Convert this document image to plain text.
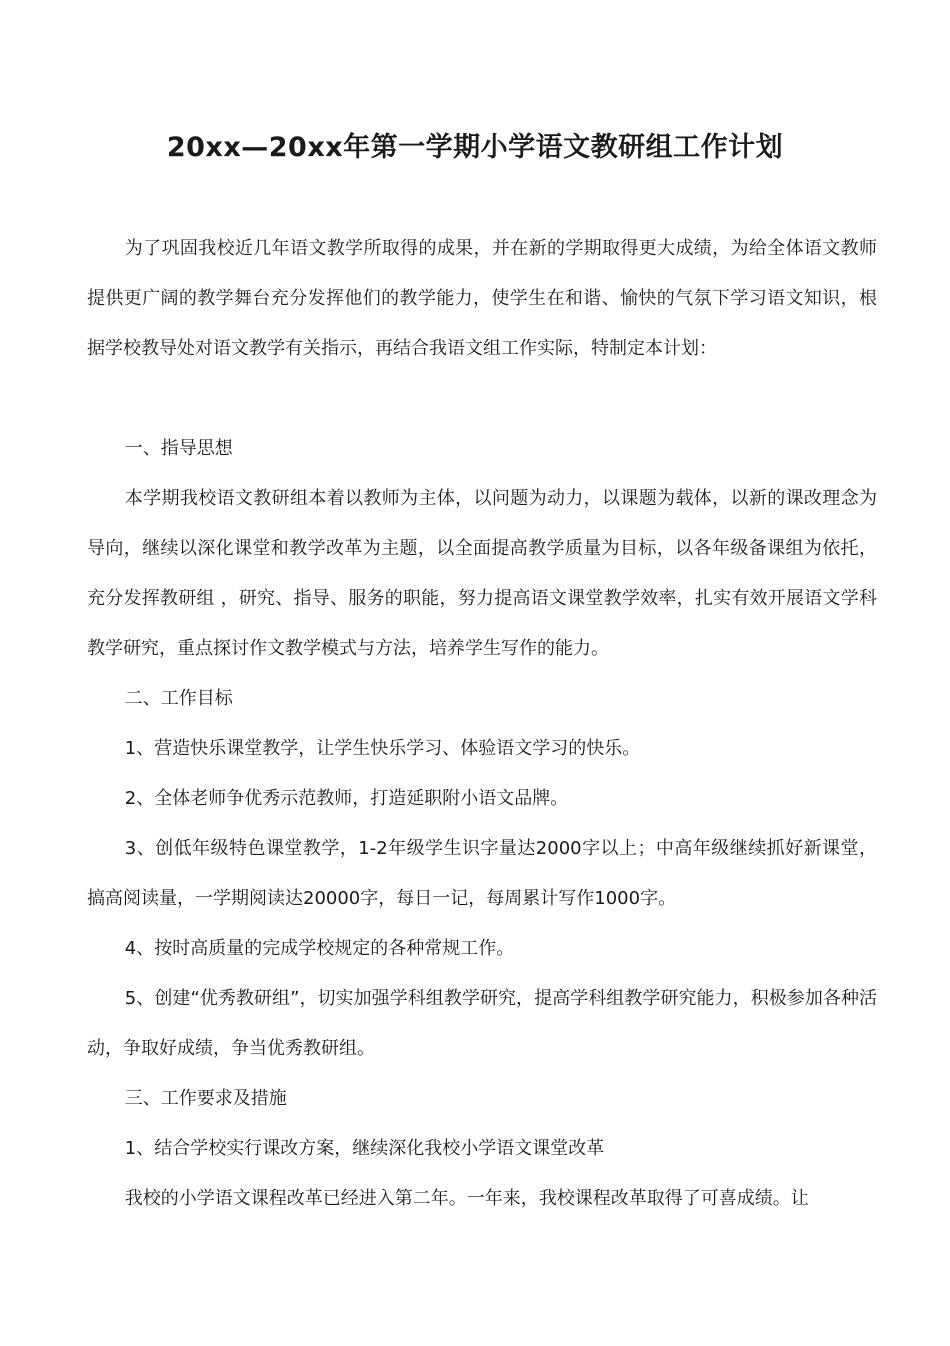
20xx—20xx年第一学期小学语文教研组工作计划

为了巩固我校近几年语文教学所取得的成果，并在新的学期取得更大成绩，为给全体语文教师提供更广阔的教学舞台充分发挥他们的教学能力，使学生在和谐、愉快的气氛下学习语文知识，根据学校教导处对语文教学有关指示，再结合我语文组工作实际，特制定本计划：

一、指导思想

本学期我校语文教研组本着以教师为主体，以问题为动力，以课题为载体，以新的课改理念为导向，继续以深化课堂和教学改革为主题，以全面提高教学质量为目标，以各年级备课组为依托，充分发挥教研组 ，研究、指导、服务的职能，努力提高语文课堂教学效率，扎实有效开展语文学科教学研究，重点探讨作文教学模式与方法，培养学生写作的能力。

二、工作目标

1、营造快乐课堂教学，让学生快乐学习、体验语文学习的快乐。

2、全体老师争优秀示范教师，打造延职附小语文品牌。

3、创低年级特色课堂教学，1-2年级学生识字量达2000字以上；中高年级继续抓好新课堂，搞高阅读量，一学期阅读达20000字，每日一记，每周累计写作1000字。

4、按时高质量的完成学校规定的各种常规工作。

5、创建“优秀教研组”，切实加强学科组教学研究，提高学科组教学研究能力，积极参加各种活动，争取好成绩，争当优秀教研组。

三、工作要求及措施

1、结合学校实行课改方案，继续深化我校小学语文课堂改革

我校的小学语文课程改革已经进入第二年。一年来，我校课程改革取得了可喜成绩。让
